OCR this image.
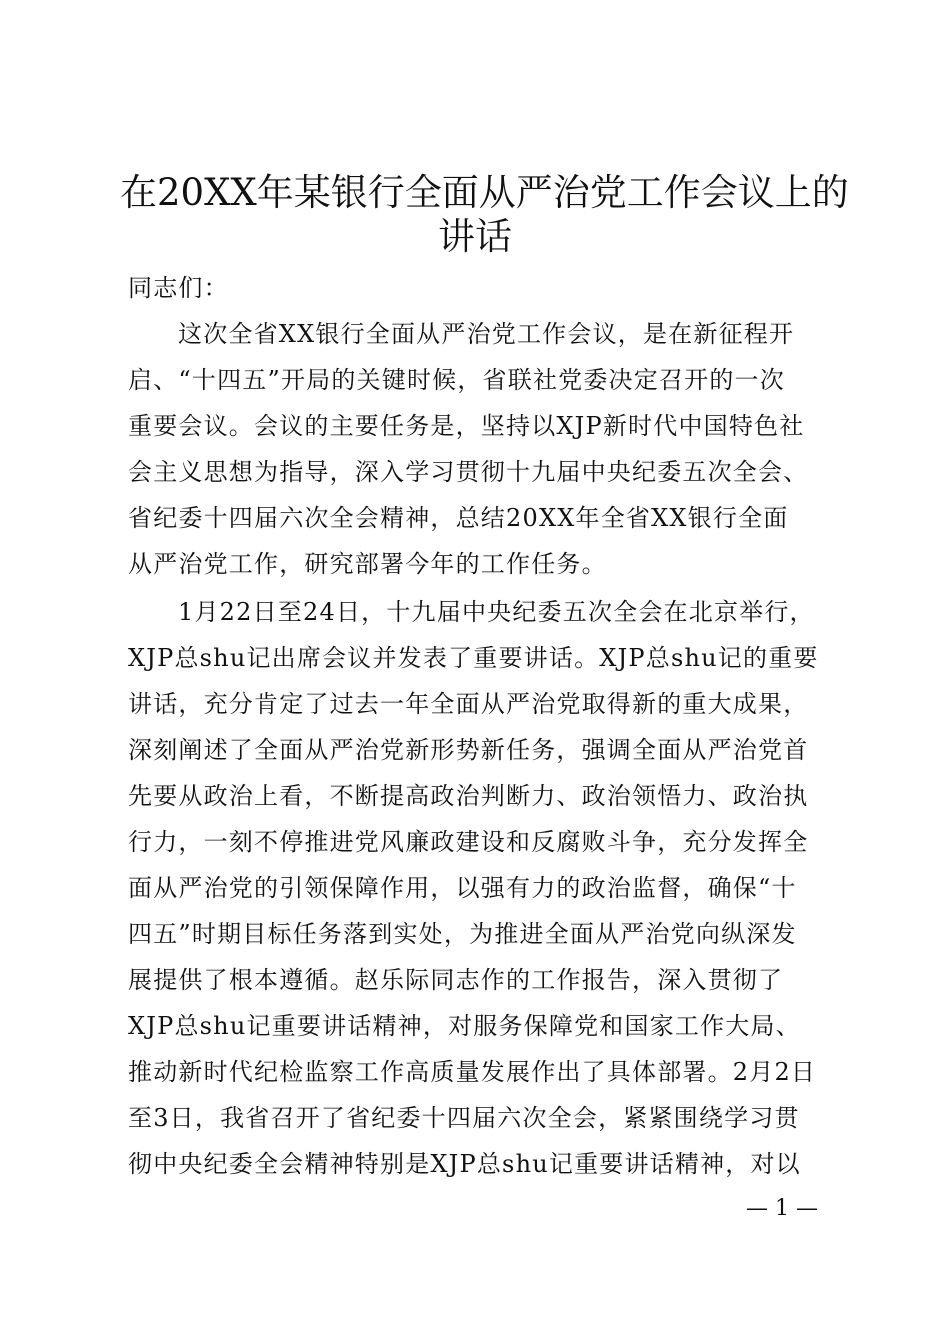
在20XX年某银行全面从严治党工作会议上的
讲话

同志们：

这次全省XX银行全面从严治党工作会议，是在新征程开

启、“十四五”开局的关键时候，省联社党委决定召开的一次

重要会议。会议的主要任务是，坚持以XJP新时代中国特色社

会主义思想为指导，深入学习贯彻十九届中央纪委五次全会、

省纪委十四届六次全会精神，总结20XX年全省XX银行全面

从严治党工作，研究部署今年的工作任务。

1月22日至24日，十九届中央纪委五次全会在北京举行，

XJP总shu记出席会议并发表了重要讲话。XJP总shu记的重要

讲话，充分肯定了过去一年全面从严治党取得新的重大成果，

深刻阐述了全面从严治党新形势新任务，强调全面从严治党首

先要从政治上看，不断提高政治判断力、政治领悟力、政治执

行力，一刻不停推进党风廉政建设和反腐败斗争，充分发挥全

面从严治党的引领保障作用，以强有力的政治监督，确保“十

四五”时期目标任务落到实处，为推进全面从严治党向纵深发

展提供了根本遵循。赵乐际同志作的工作报告，深入贯彻了

XJP总shu记重要讲话精神，对服务保障党和国家工作大局、

推动新时代纪检监察工作高质量发展作出了具体部署。2月2日

至3日，我省召开了省纪委十四届六次全会，紧紧围绕学习贯

彻中央纪委全会精神特别是XJP总shu记重要讲话精神，对以

— 1 —
